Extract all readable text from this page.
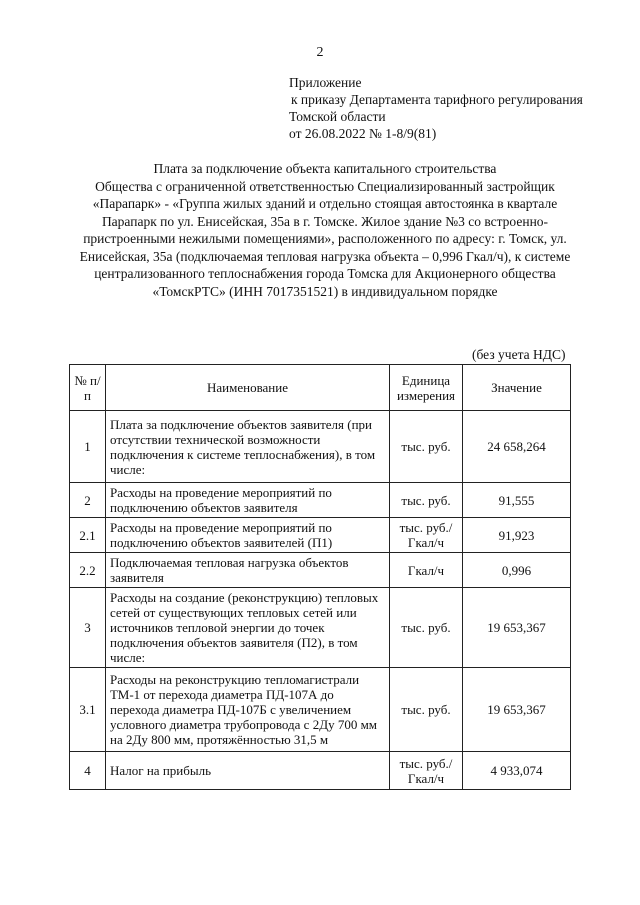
2
Приложение
к приказу Департамента тарифного регулирования
Томской области
от 26.08.2022 № 1-8/9(81)
Плата за подключение объекта капитального строительства
Общества с ограниченной ответственностью Специализированный застройщик
«Парапарк» - «Группа жилых зданий и отдельно стоящая автостоянка в квартале
Парапарк по ул. Енисейская, 35а в г. Томске. Жилое здание №3 со встроенно-
пристроенными нежилыми помещениями», расположенного по адресу: г. Томск, ул.
Енисейская, 35а (подключаемая тепловая нагрузка объекта – 0,996 Гкал/ч), к системе
централизованного теплоснабжения города Томска для Акционерного общества
«ТомскРТС» (ИНН 7017351521) в индивидуальном порядке
(без учета НДС)
№ п/п	Наименование	Единица измерения	Значение
1	Плата за подключение объектов заявителя (при отсутствии технической возможности подключения к системе теплоснабжения), в том числе:	тыс. руб.	24 658,264
2	Расходы на проведение мероприятий по подключению объектов заявителя	тыс. руб.	91,555
2.1	Расходы на проведение мероприятий по подключению объектов заявителей (П1)	тыс. руб./ Гкал/ч	91,923
2.2	Подключаемая тепловая нагрузка объектов заявителя	Гкал/ч	0,996
3	Расходы на создание (реконструкцию) тепловых сетей от существующих тепловых сетей или источников тепловой энергии до точек подключения объектов заявителя (П2), в том числе:	тыс. руб.	19 653,367
3.1	Расходы на реконструкцию тепломагистрали ТМ-1 от перехода диаметра ПД-107А до перехода диаметра ПД-107Б с увеличением условного диаметра трубопровода с 2Ду 700 мм на 2Ду 800 мм, протяжённостью 31,5 м	тыс. руб.	19 653,367
4	Налог на прибыль	тыс. руб./ Гкал/ч	4 933,074
